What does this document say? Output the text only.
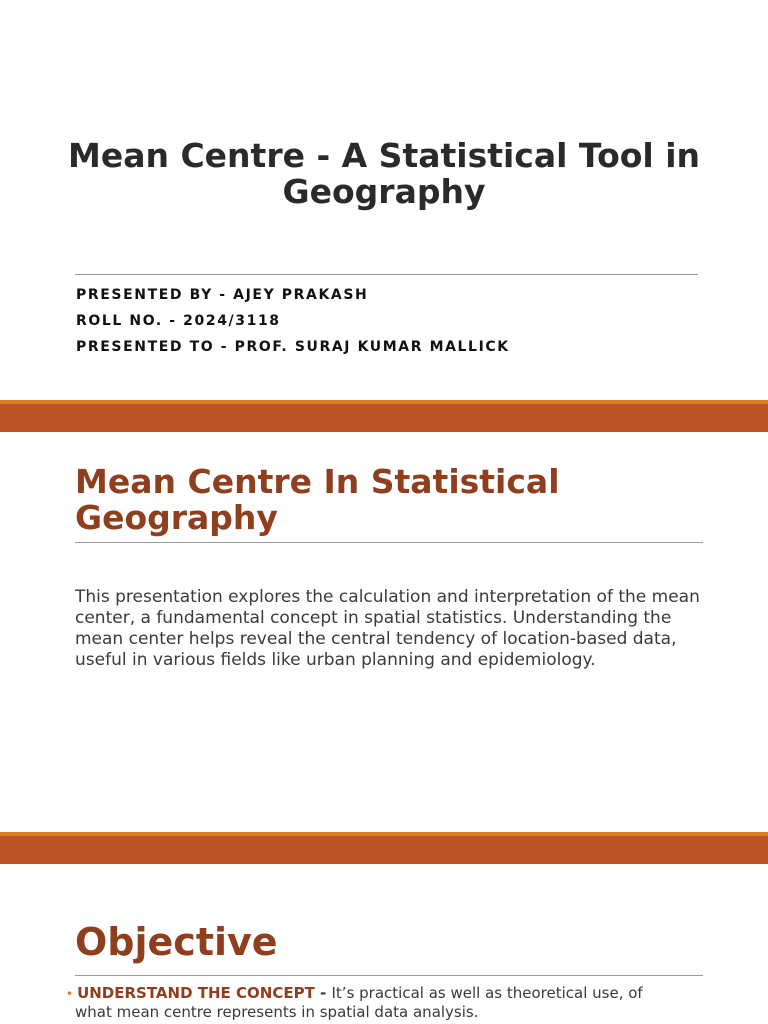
Mean Centre - A Statistical Tool in Geography
PRESENTED BY - AJEY PRAKASH
ROLL NO. - 2024/3118
PRESENTED TO - PROF. SURAJ KUMAR MALLICK
Mean Centre In Statistical Geography

This presentation explores the calculation and interpretation of the mean center, a fundamental concept in spatial statistics. Understanding the mean center helps reveal the central tendency of location-based data, useful in various fields like urban planning and epidemiology.

Objective
• UNDERSTAND THE CONCEPT - It’s practical as well as theoretical use, of
what mean centre represents in spatial data analysis.
